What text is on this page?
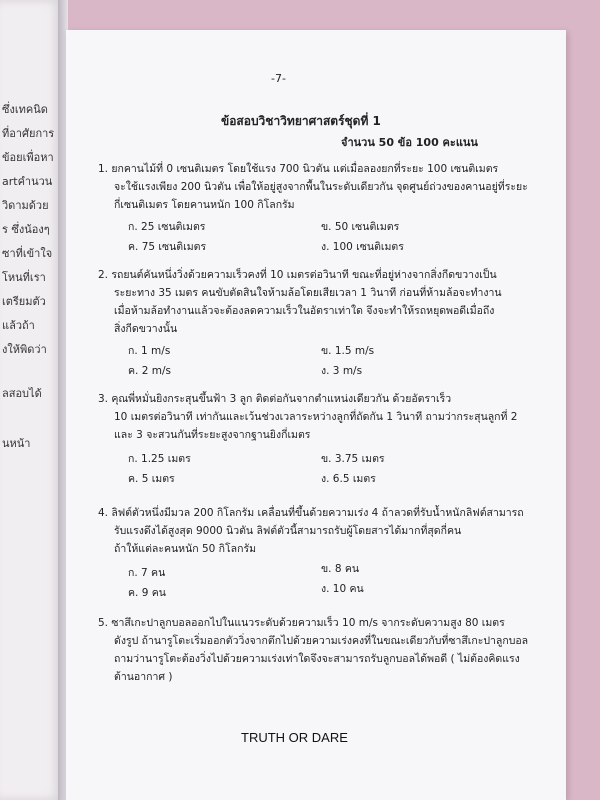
ซึ่งเทคนิด
ที่อาศัยการ
ข้อยเพื่อหา
artคำนวน
วิดามด้วย
ร ซึ่งน้องๆ
ซาที่เข้าใจ
โหนที่เรา
เตรียมตัว
แล้วถ้า
งให้พิดว่า
ลสอบได้
นหน้า
-7-
ข้อสอบวิชาวิทยาศาสตร์ชุดที่ 1
จำนวน 50 ข้อ 100 คะแนน
1. ยกคานไม้ที่ 0 เซนติเมตร โดยใช้แรง 700 นิวตัน แต่เมื่อลองยกที่ระยะ 100 เซนติเมตร
จะใช้แรงเพียง 200 นิวตัน เพื่อให้อยู่สูงจากพื้นในระดับเดียวกัน จุดศูนย์ถ่วงของคานอยู่ที่ระยะ
กี่เซนติเมตร โดยคานหนัก 100 กิโลกรัม
ก. 25 เซนติเมตร	ข. 50 เซนติเมตร
ค. 75 เซนติเมตร	ง. 100 เซนติเมตร
2. รถยนต์คันหนึ่งวิ่งด้วยความเร็วคงที่ 10 เมตรต่อวินาที ขณะที่อยู่ห่างจากสิ่งกีดขวางเป็น
ระยะทาง 35 เมตร คนขับตัดสินใจห้ามล้อโดยเสียเวลา 1 วินาที ก่อนที่ห้ามล้อจะทำงาน
เมื่อห้ามล้อทำงานแล้วจะต้องลดความเร็วในอัตราเท่าใด จึงจะทำให้รถหยุดพอดีเมื่อถึง
สิ่งกีดขวางนั้น
ก. 1 m/s	ข. 1.5 m/s
ค. 2 m/s	ง. 3 m/s
3. คุณพี่หมั่นยิงกระสุนขึ้นฟ้า 3 ลูก ติดต่อกันจากตำแหน่งเดียวกัน ด้วยอัตราเร็ว
10 เมตรต่อวินาที เท่ากันและเว้นช่วงเวลาระหว่างลูกที่ถัดกัน 1 วินาที ถามว่ากระสุนลูกที่ 2
และ 3 จะสวนกันที่ระยะสูงจากฐานยิงกี่เมตร
ก. 1.25 เมตร	ข. 3.75 เมตร
ค. 5 เมตร	ง. 6.5 เมตร
4. ลิฟต์ตัวหนึ่งมีมวล 200 กิโลกรัม เคลื่อนที่ขึ้นด้วยความเร่ง 4 ถ้าลวดที่รับน้ำหนักลิฟต์สามารถ
รับแรงดึงได้สูงสุด 9000 นิวตัน ลิฟต์ตัวนี้สามารถรับผู้โดยสารได้มากที่สุดกี่คน
ถ้าให้แต่ละคนหนัก 50 กิโลกรัม
ก. 7 คน	ข. 8 คน
ค. 9 คน	ง. 10 คน
5. ซาสึเกะปาลูกบอลออกไปในแนวระดับด้วยความเร็ว 10 m/s จากระดับความสูง 80 เมตร
ดังรูป ถ้านารูโตะเริ่มออกตัววิ่งจากตึกไปด้วยความเร่งคงที่ในขณะเดียวกับที่ซาสึเกะปาลูกบอล
ถามว่านารูโตะต้องวิ่งไปด้วยความเร่งเท่าใดจึงจะสามารถรับลูกบอลได้พอดี ( ไม่ต้องคิดแรง
ต้านอากาศ )
TRUTH OR DARE
